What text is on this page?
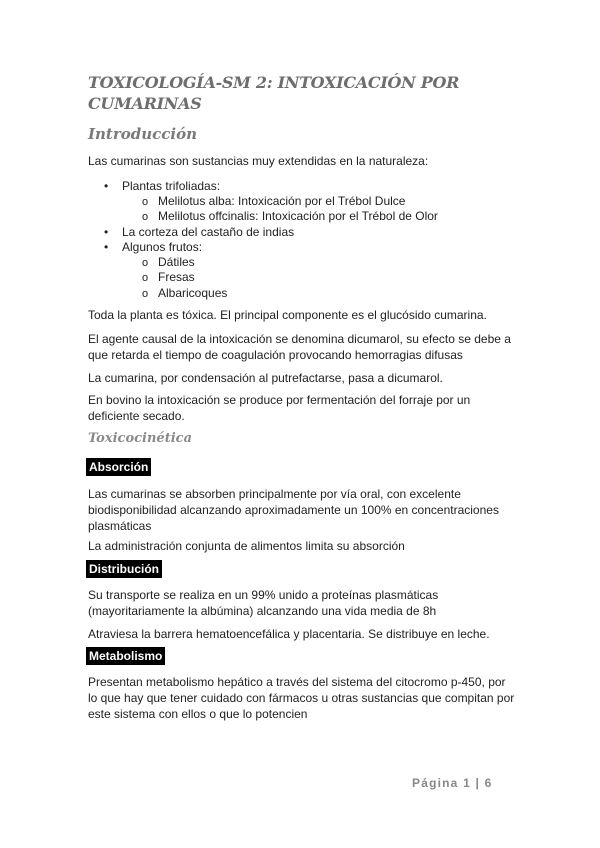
TOXICOLOGÍA-SM 2: INTOXICACIÓN POR CUMARINAS
Introducción
Las cumarinas son sustancias muy extendidas en la naturaleza:
•
Plantas trifoliadas:
o
Melilotus alba: Intoxicación por el Trébol Dulce
o
Melilotus offcinalis: Intoxicación por el Trébol de Olor
•
La corteza del castaño de indias
•
Algunos frutos:
o
Dátiles
o
Fresas
o
Albaricoques
Toda la planta es tóxica. El principal componente es el glucósido cumarina.
El agente causal de la intoxicación se denomina dicumarol, su efecto se debe a que retarda el tiempo de coagulación provocando hemorragias difusas
La cumarina, por condensación al putrefactarse, pasa a dicumarol.
En bovino la intoxicación se produce por fermentación del forraje por un deficiente secado.
Toxicocinética
Absorción
Las cumarinas se absorben principalmente por vía oral, con excelente biodisponibilidad alcanzando aproximadamente un 100% en concentraciones plasmáticas
La administración conjunta de alimentos limita su absorción
Distribución
Su transporte se realiza en un 99% unido a proteínas plasmáticas (mayoritariamente la albúmina) alcanzando una vida media de 8h
Atraviesa la barrera hematoencefálica y placentaria. Se distribuye en leche.
Metabolismo
Presentan metabolismo hepático a través del sistema del citocromo p-450, por lo que hay que tener cuidado con fármacos u otras sustancias que compitan por este sistema con ellos o que lo potencien
Página 1 | 6
